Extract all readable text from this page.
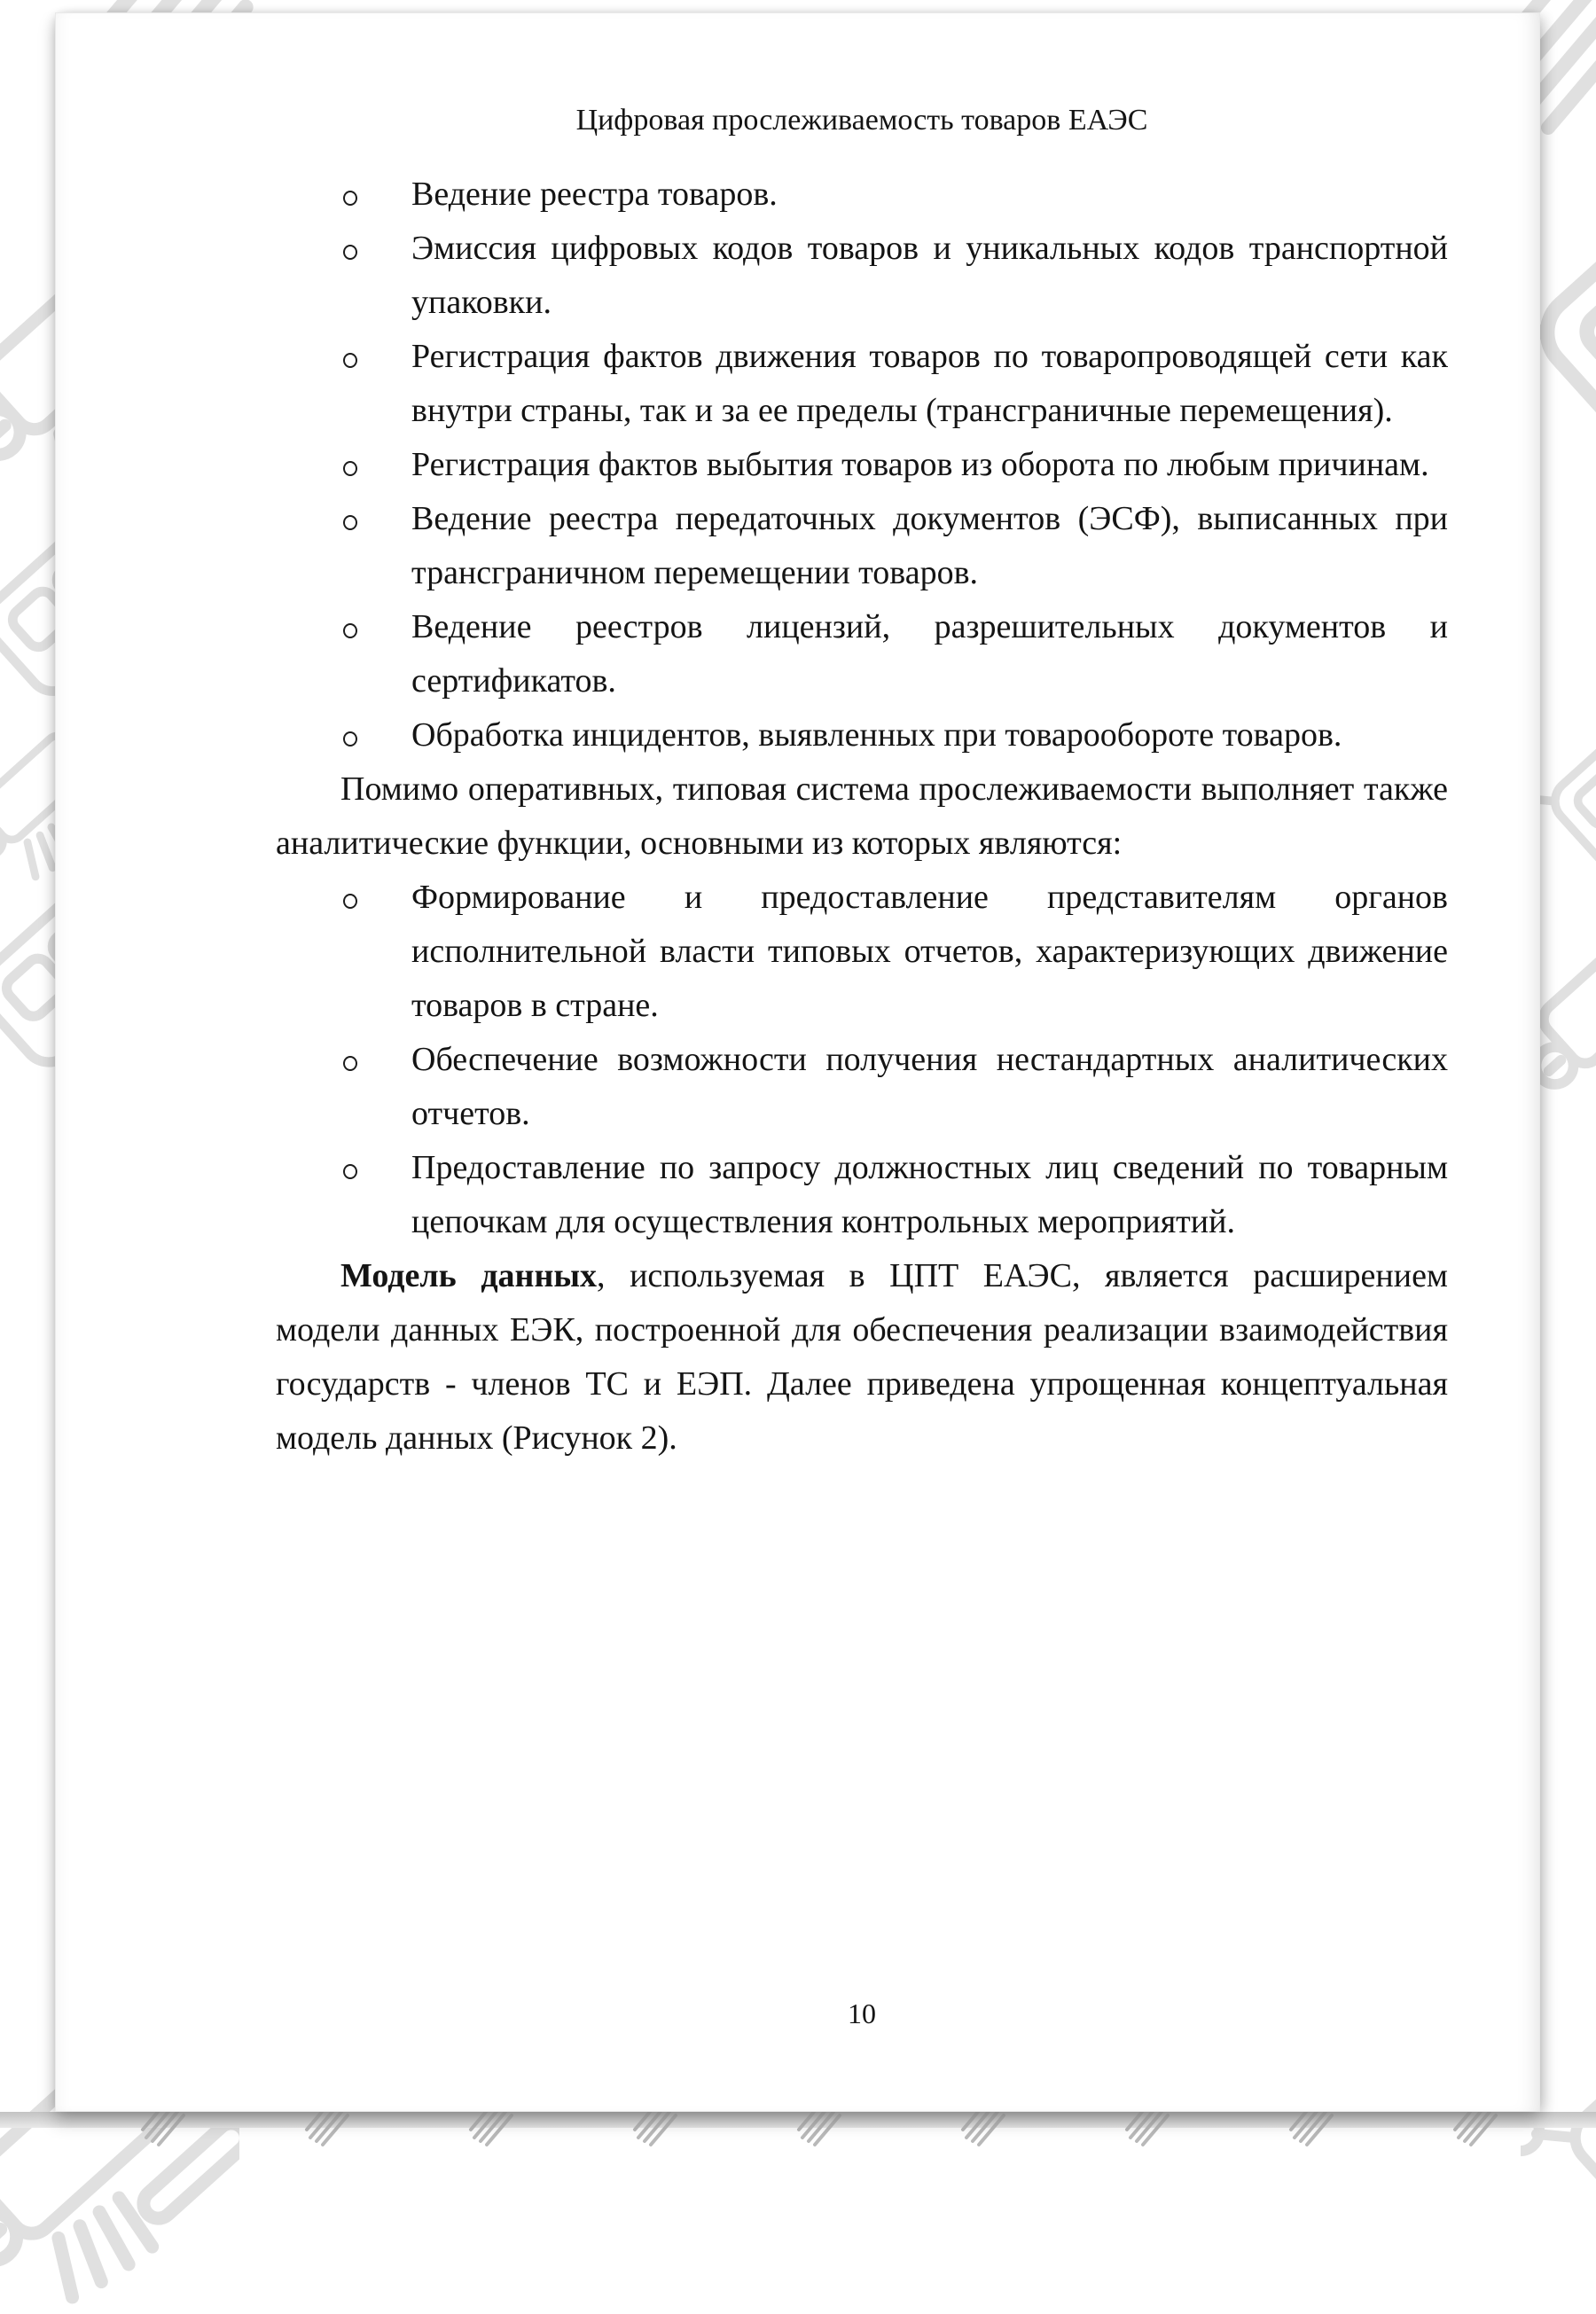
Цифровая прослеживаемость товаров ЕАЭС
Ведение реестра товаров.
Эмиссия цифровых кодов товаров и уникальных кодов транспортной упаковки.
Регистрация фактов движения товаров по товаропроводящей сети как внутри страны, так и за ее пределы (трансграничные перемещения).
Регистрация фактов выбытия товаров из оборота по любым причинам.
Ведение реестра передаточных документов (ЭСФ), выписанных при трансграничном перемещении товаров.
Ведение реестров лицензий, разрешительных документов и сертификатов.
Обработка инцидентов, выявленных при товарообороте товаров.

Помимо оперативных, типовая система прослеживаемости выполняет также аналитические функции, основными из которых являются:

Формирование и предоставление представителям органов исполнительной власти типовых отчетов, характеризующих движение товаров в стране.
Обеспечение возможности получения нестандартных аналитических отчетов.
Предоставление по запросу должностных лиц сведений по товарным цепочкам для осуществления контрольных мероприятий.

Модель данных, используемая в ЦПТ ЕАЭС, является расширением модели данных ЕЭК, построенной для обеспечения реализации взаимодействия государств - членов ТС и ЕЭП. Далее приведена упрощенная концептуальная модель данных (Рисунок 2).

10
